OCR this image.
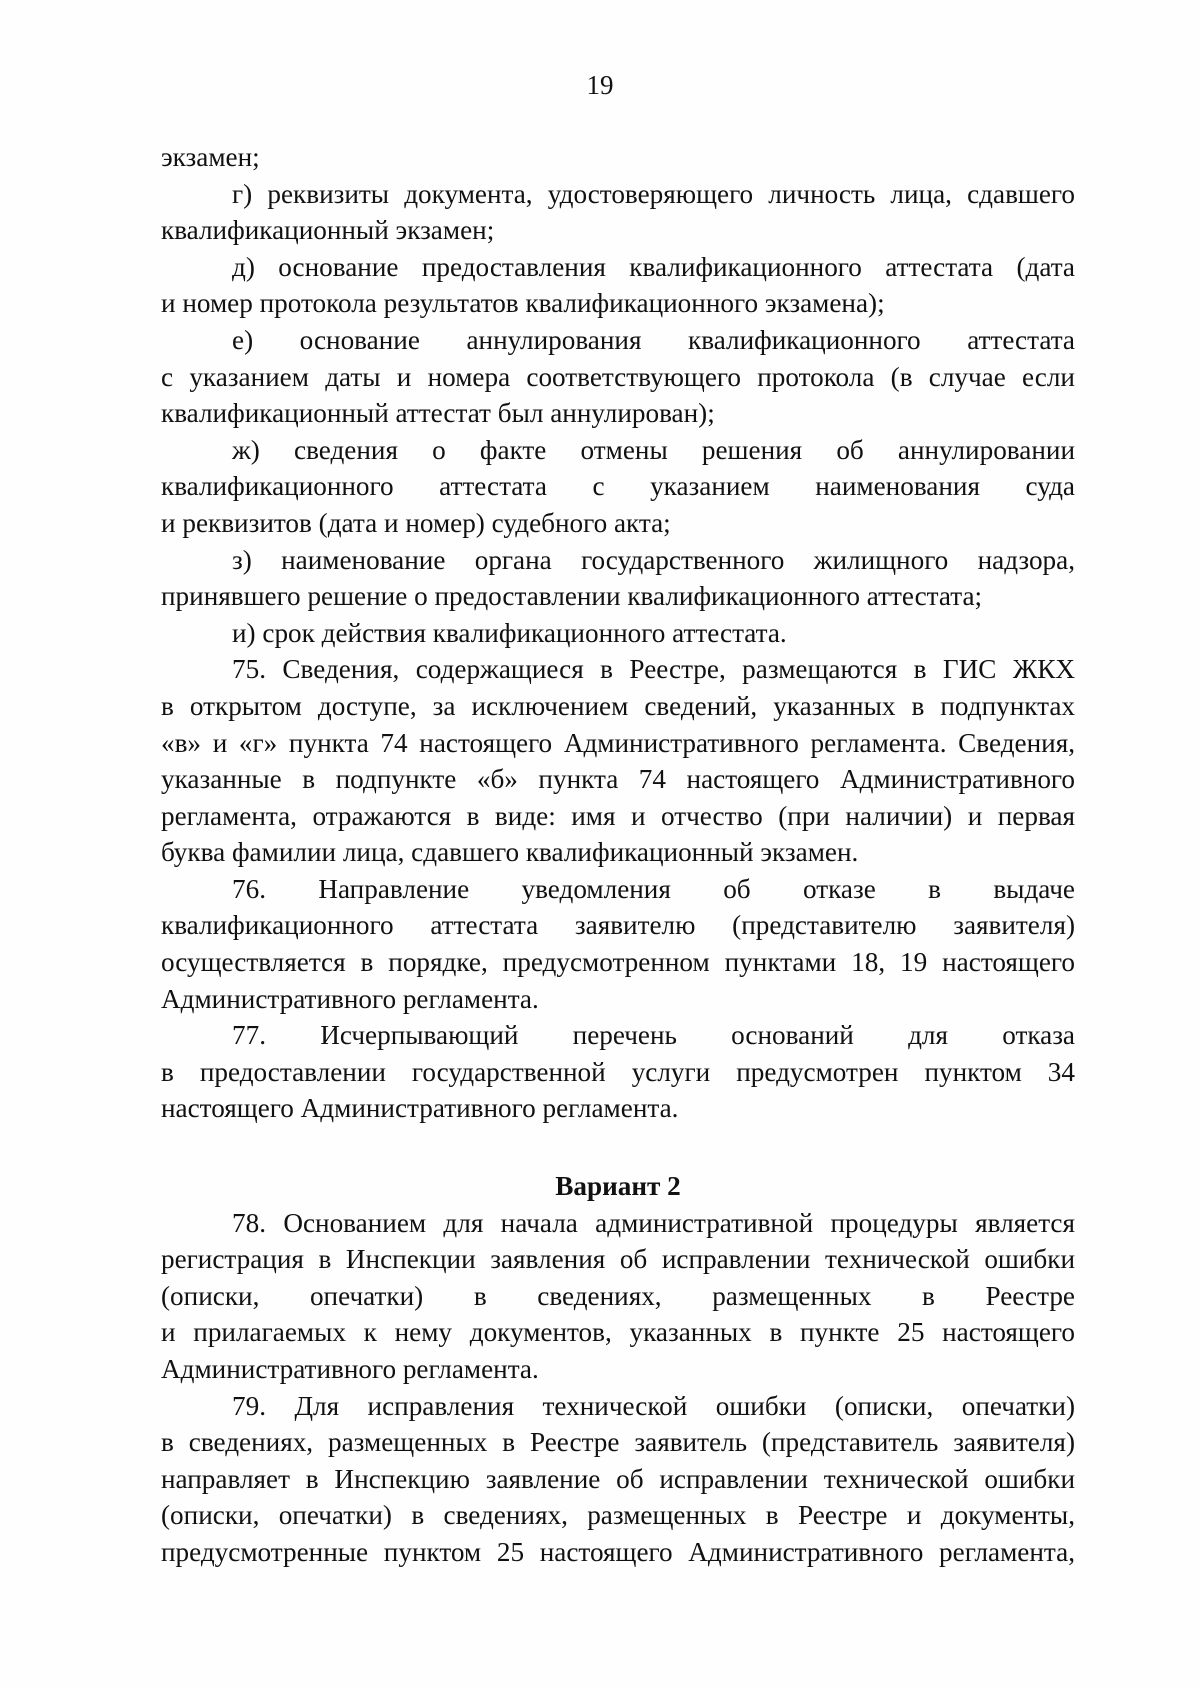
19
экзамен;
г) реквизиты документа, удостоверяющего личность лица, сдавшего
квалификационный экзамен;
д) основание предоставления квалификационного аттестата (дата
и номер протокола результатов квалификационного экзамена);
е) основание аннулирования квалификационного аттестата
с указанием даты и номера соответствующего протокола (в случае если
квалификационный аттестат был аннулирован);
ж) сведения о факте отмены решения об аннулировании
квалификационного аттестата с указанием наименования суда
и реквизитов (дата и номер) судебного акта;
з) наименование органа государственного жилищного надзора,
принявшего решение о предоставлении квалификационного аттестата;
и) срок действия квалификационного аттестата.
75. Сведения, содержащиеся в Реестре, размещаются в ГИС ЖКХ
в открытом доступе, за исключением сведений, указанных в подпунктах
«в» и «г» пункта 74 настоящего Административного регламента. Сведения,
указанные в подпункте «б» пункта 74 настоящего Административного
регламента, отражаются в виде: имя и отчество (при наличии) и первая
буква фамилии лица, сдавшего квалификационный экзамен.
76. Направление уведомления об отказе в выдаче
квалификационного аттестата заявителю (представителю заявителя)
осуществляется в порядке, предусмотренном пунктами 18, 19 настоящего
Административного регламента.
77. Исчерпывающий перечень оснований для отказа
в предоставлении государственной услуги предусмотрен пунктом 34
настоящего Административного регламента.
Вариант 2
78. Основанием для начала административной процедуры является
регистрация в Инспекции заявления об исправлении технической ошибки
(описки, опечатки) в сведениях, размещенных в Реестре
и прилагаемых к нему документов, указанных в пункте 25 настоящего
Административного регламента.
79. Для исправления технической ошибки (описки, опечатки)
в сведениях, размещенных в Реестре заявитель (представитель заявителя)
направляет в Инспекцию заявление об исправлении технической ошибки
(описки, опечатки) в сведениях, размещенных в Реестре и документы,
предусмотренные пунктом 25 настоящего Административного регламента,
